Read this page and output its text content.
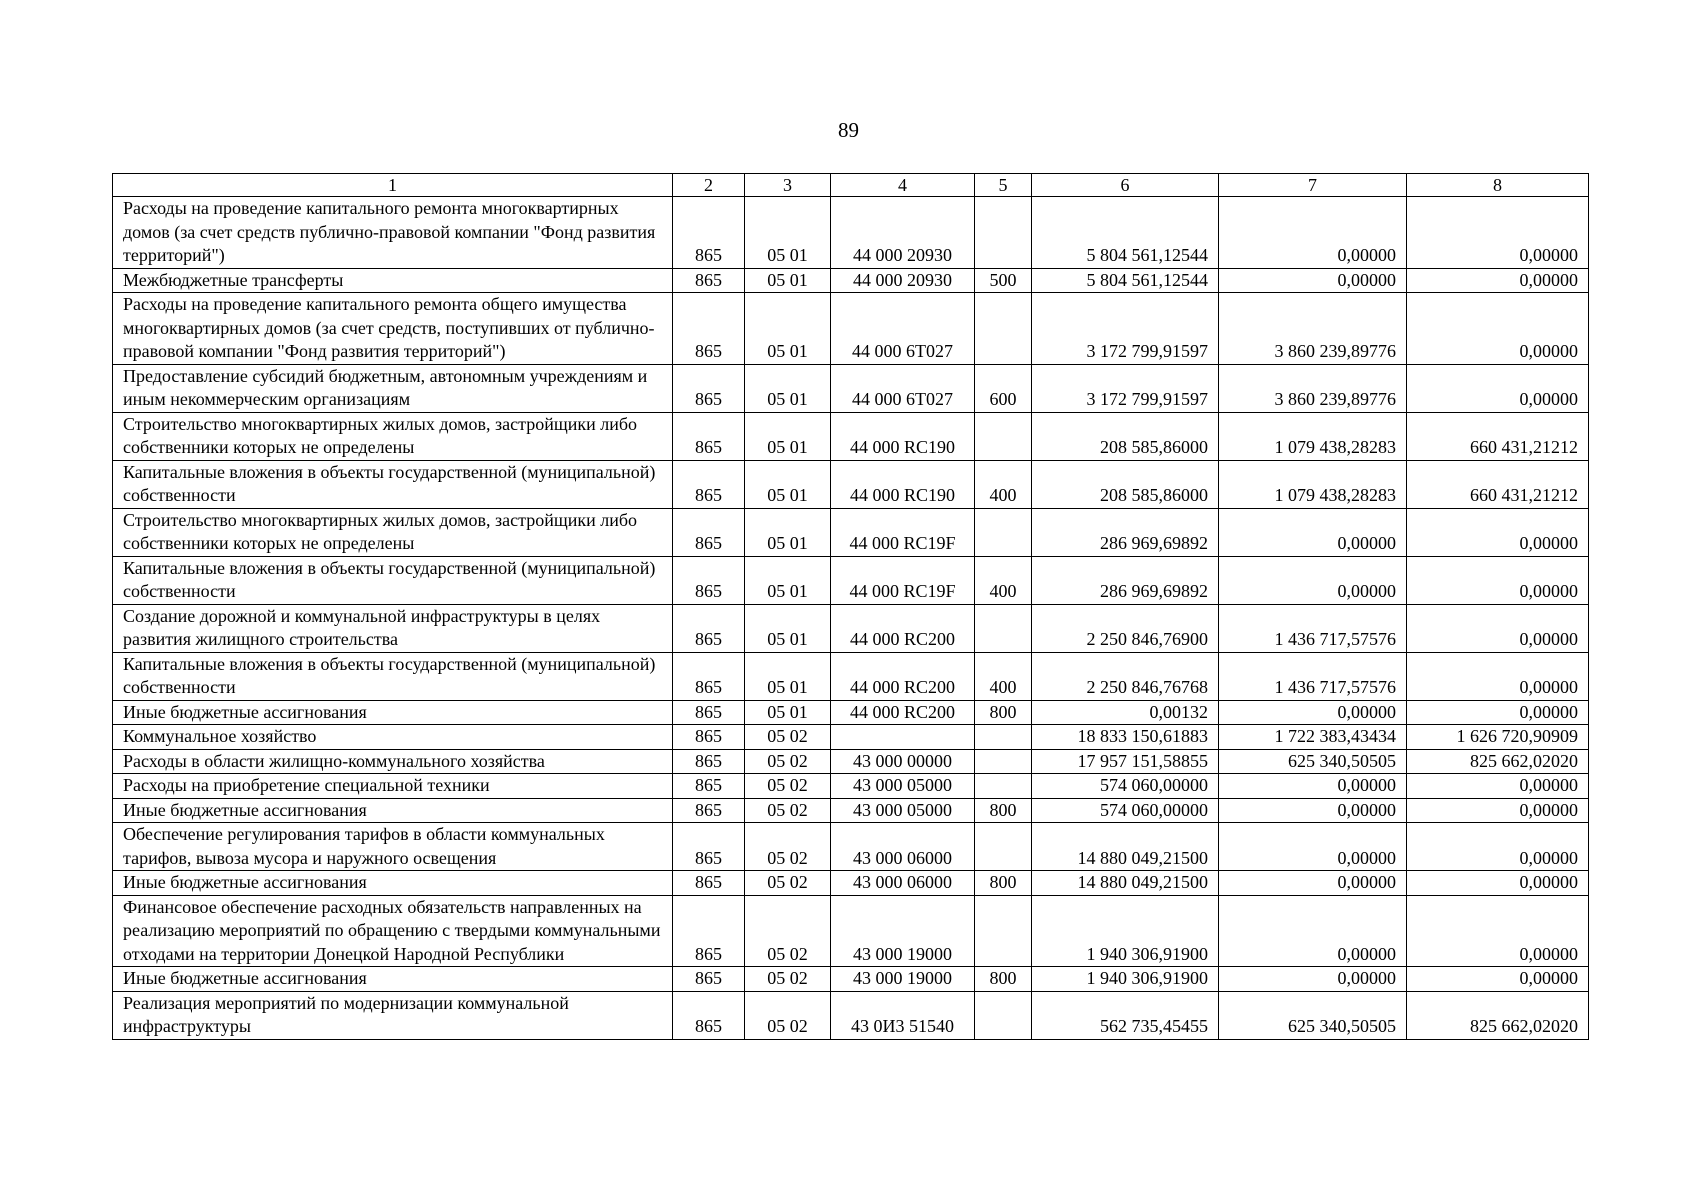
89
1	2	3	4	5	6	7	8
Расходы на проведение капитального ремонта многоквартирных домов (за счет средств публично-правовой компании "Фонд развития территорий")	865	05 01	44 000 20930		5 804 561,12544	0,00000	0,00000
Межбюджетные трансферты	865	05 01	44 000 20930	500	5 804 561,12544	0,00000	0,00000
Расходы на проведение капитального ремонта общего имущества многоквартирных домов (за счет средств, поступивших от публично-правовой компании "Фонд развития территорий")	865	05 01	44 000 6Т027		3 172 799,91597	3 860 239,89776	0,00000
Предоставление субсидий бюджетным, автономным учреждениям и иным некоммерческим организациям	865	05 01	44 000 6Т027	600	3 172 799,91597	3 860 239,89776	0,00000
Строительство многоквартирных жилых домов, застройщики либо собственники которых не определены	865	05 01	44 000 RC190		208 585,86000	1 079 438,28283	660 431,21212
Капитальные вложения в объекты государственной (муниципальной) собственности	865	05 01	44 000 RC190	400	208 585,86000	1 079 438,28283	660 431,21212
Строительство многоквартирных жилых домов, застройщики либо собственники которых не определены	865	05 01	44 000 RC19F		286 969,69892	0,00000	0,00000
Капитальные вложения в объекты государственной (муниципальной) собственности	865	05 01	44 000 RC19F	400	286 969,69892	0,00000	0,00000
Создание дорожной и коммунальной инфраструктуры в целях развития жилищного строительства	865	05 01	44 000 RC200		2 250 846,76900	1 436 717,57576	0,00000
Капитальные вложения в объекты государственной (муниципальной) собственности	865	05 01	44 000 RC200	400	2 250 846,76768	1 436 717,57576	0,00000
Иные бюджетные ассигнования	865	05 01	44 000 RC200	800	0,00132	0,00000	0,00000
Коммунальное хозяйство	865	05 02			18 833 150,61883	1 722 383,43434	1 626 720,90909
Расходы в области жилищно-коммунального хозяйства	865	05 02	43 000 00000		17 957 151,58855	625 340,50505	825 662,02020
Расходы на приобретение специальной техники	865	05 02	43 000 05000		574 060,00000	0,00000	0,00000
Иные бюджетные ассигнования	865	05 02	43 000 05000	800	574 060,00000	0,00000	0,00000
Обеспечение регулирования тарифов в области коммунальных тарифов, вывоза мусора и наружного освещения	865	05 02	43 000 06000		14 880 049,21500	0,00000	0,00000
Иные бюджетные ассигнования	865	05 02	43 000 06000	800	14 880 049,21500	0,00000	0,00000
Финансовое обеспечение расходных обязательств направленных на реализацию мероприятий по обращению с твердыми коммунальными отходами на территории Донецкой Народной Республики	865	05 02	43 000 19000		1 940 306,91900	0,00000	0,00000
Иные бюджетные ассигнования	865	05 02	43 000 19000	800	1 940 306,91900	0,00000	0,00000
Реализация мероприятий по модернизации коммунальной инфраструктуры	865	05 02	43 0И3 51540		562 735,45455	625 340,50505	825 662,02020
